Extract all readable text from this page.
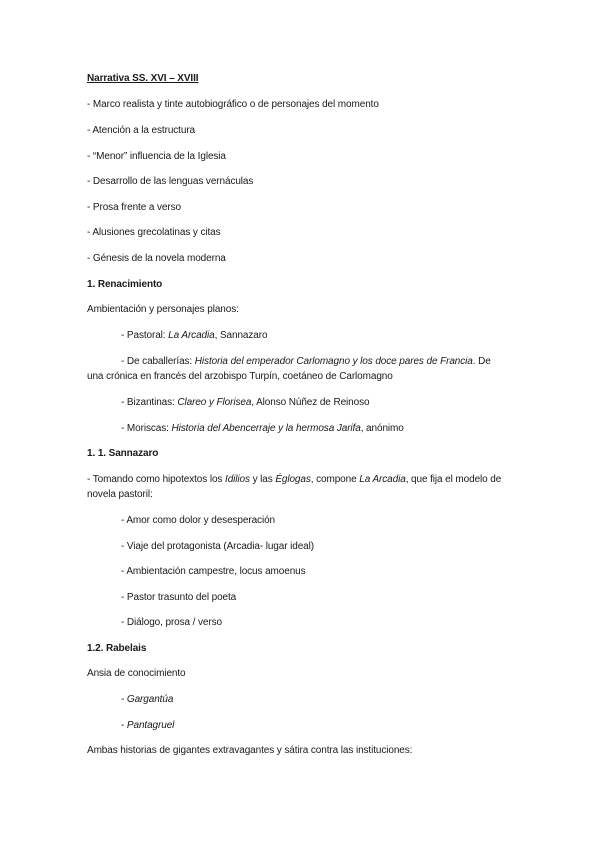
Narrativa SS. XVI – XVIII
- Marco realista y tinte autobiográfico o de personajes del momento
- Atención a la estructura
- “Menor” influencia de la Iglesia
- Desarrollo de las lenguas vernáculas
- Prosa frente a verso
- Alusiones grecolatinas y citas
- Génesis de la novela moderna
1. Renacimiento
Ambientación y personajes planos:
- Pastoral: La Arcadia, Sannazaro
- De caballerías: Historia del emperador Carlomagno y los doce pares de Francia. De
una crónica en francés del arzobispo Turpín, coetáneo de Carlomagno
- Bizantinas: Clareo y Florisea, Alonso Núñez de Reinoso
- Moriscas: Historia del Abencerraje y la hermosa Jarifa, anónimo
1. 1. Sannazaro
- Tomando como hipotextos los Idilios y las Églogas, compone La Arcadia, que fija el modelo de
novela pastoril:
- Amor como dolor y desesperación
- Viaje del protagonista (Arcadia- lugar ideal)
- Ambientación campestre, locus amoenus
- Pastor trasunto del poeta
- Diálogo, prosa / verso
1.2. Rabelais
Ansia de conocimiento
- Gargantúa
- Pantagruel
Ambas historias de gigantes extravagantes y sátira contra las instituciones:
